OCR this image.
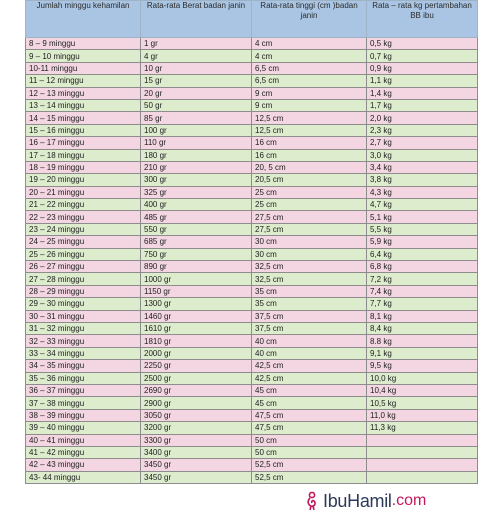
Jumlah minggu kehamilan	Rata-rata Berat badan janin	Rata-rata tinggi (cm )badan janin	Rata – rata kg pertambahan BB ibu
8 – 9 minggu	1 gr	4 cm	0,5 kg
9 – 10 minggu	4 gr	4 cm	0,7 kg
10-11 minggu	10 gr	6,5 cm	0,9 kg
11 – 12 minggu	15 gr	6,5 cm	1,1 kg
12 – 13 minggu	20 gr	9 cm	1,4 kg
13 – 14 minggu	50 gr	9 cm	1,7 kg
14 – 15 minggu	85 gr	12,5 cm	2,0 kg
15 – 16 minggu	100 gr	12,5 cm	2,3 kg
16 – 17 minggu	110 gr	16 cm	2,7 kg
17 – 18 minggu	180 gr	16 cm	3,0 kg
18 – 19 minggu	210 gr	20, 5 cm	3,4 kg
19 – 20 minggu	300 gr	20,5 cm	3,8 kg
20 – 21 minggu	325 gr	25 cm	4,3 kg
21 – 22 minggu	400 gr	25 cm	4,7 kg
22 – 23 minggu	485 gr	27,5 cm	5,1 kg
23 – 24 minggu	550 gr	27,5 cm	5,5 kg
24 – 25 minggu	685 gr	30 cm	5,9 kg
25 – 26 minggu	750 gr	30 cm	6,4 kg
26 – 27 minggu	890 gr	32,5 cm	6,8 kg
27 – 28 minggu	1000 gr	32,5 cm	7,2 kg
28 – 29 minggu	1150 gr	35 cm	7,4 kg
29 – 30 minggu	1300 gr	35 cm	7,7 kg
30 – 31 minggu	1460 gr	37,5 cm	8,1 kg
31 – 32 minggu	1610 gr	37,5 cm	8,4 kg
32 – 33 minggu	1810 gr	40 cm	8.8 kg
33 – 34 minggu	2000 gr	40 cm	9,1 kg
34 – 35 minggu	2250 gr	42,5 cm	9,5 kg
35 – 36 minggu	2500 gr	42,5 cm	10,0 kg
36 – 37 minggu	2690 gr	45 cm	10,4 kg
37 – 38 minggu	2900 gr	45 cm	10,5 kg
38 – 39 minggu	3050 gr	47,5 cm	11,0 kg
39 – 40 minggu	3200 gr	47,5 cm	11,3 kg
40 – 41 minggu	3300 gr	50 cm	
41 – 42 minggu	3400 gr	50 cm	
42 – 43 minggu	3450 gr	52,5 cm	
43- 44 minggu	3450 gr	52,5 cm	
IbuHamil .com
